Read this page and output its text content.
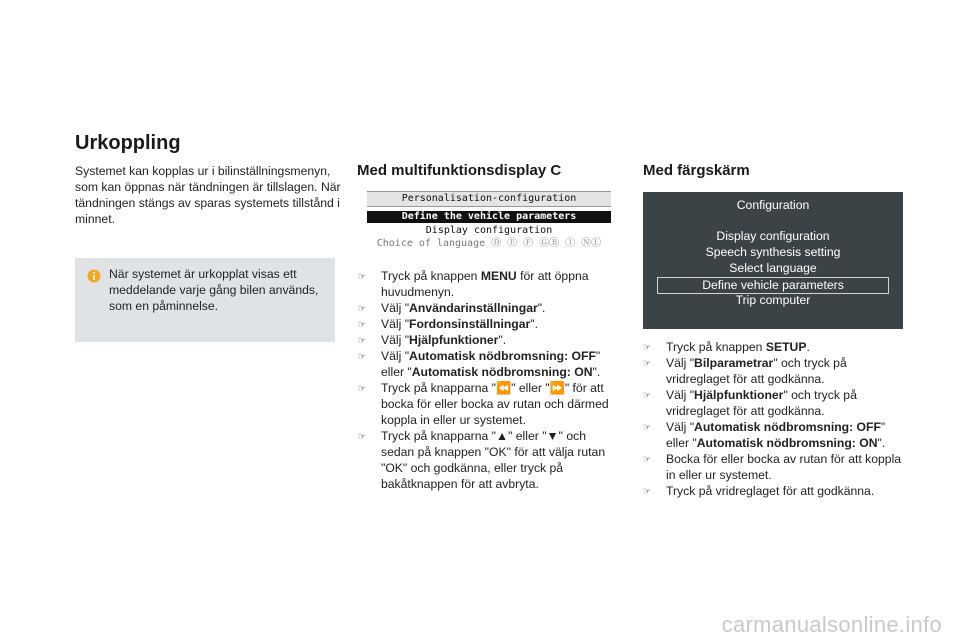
Urkoppling

Systemet kan kopplas ur i bilinställningsmenyn, som kan öppnas när tändningen är tillslagen. När tändningen stängs av sparas systemets tillstånd i minnet.

När systemet är urkopplat visas ett meddelande varje gång bilen används, som en påminnelse.

Med multifunktionsdisplay C
Personalisation-configuration
Define the vehicle parameters
Display configuration
Choice of language Ⓓ Ⓔ Ⓕ ⒼⒷ Ⓘ ⓃⓁ
☞ Tryck på knappen MENU för att öppna huvudmenyn.
☞ Välj "Användarinställningar".
☞ Välj "Fordonsinställningar".
☞ Välj "Hjälpfunktioner".
☞ Välj "Automatisk nödbromsning: OFF" eller "Automatisk nödbromsning: ON".
☞ Tryck på knapparna "⏪" eller "⏩" för att bocka för eller bocka av rutan och därmed koppla in eller ur systemet.
☞ Tryck på knapparna "▲" eller "▼" och sedan på knappen "OK" för att välja rutan "OK" och godkänna, eller tryck på bakåtknappen för att avbryta.
Med färgskärm
Configuration
Display configuration
Speech synthesis setting
Select language
Define vehicle parameters
Trip computer
☞ Tryck på knappen SETUP.
☞ Välj "Bilparametrar" och tryck på vridreglaget för att godkänna.
☞ Välj "Hjälpfunktioner" och tryck på vridreglaget för att godkänna.
☞ Välj "Automatisk nödbromsning: OFF" eller "Automatisk nödbromsning: ON".
☞ Bocka för eller bocka av rutan för att koppla in eller ur systemet.
☞ Tryck på vridreglaget för att godkänna.
carmanualsonline.info
